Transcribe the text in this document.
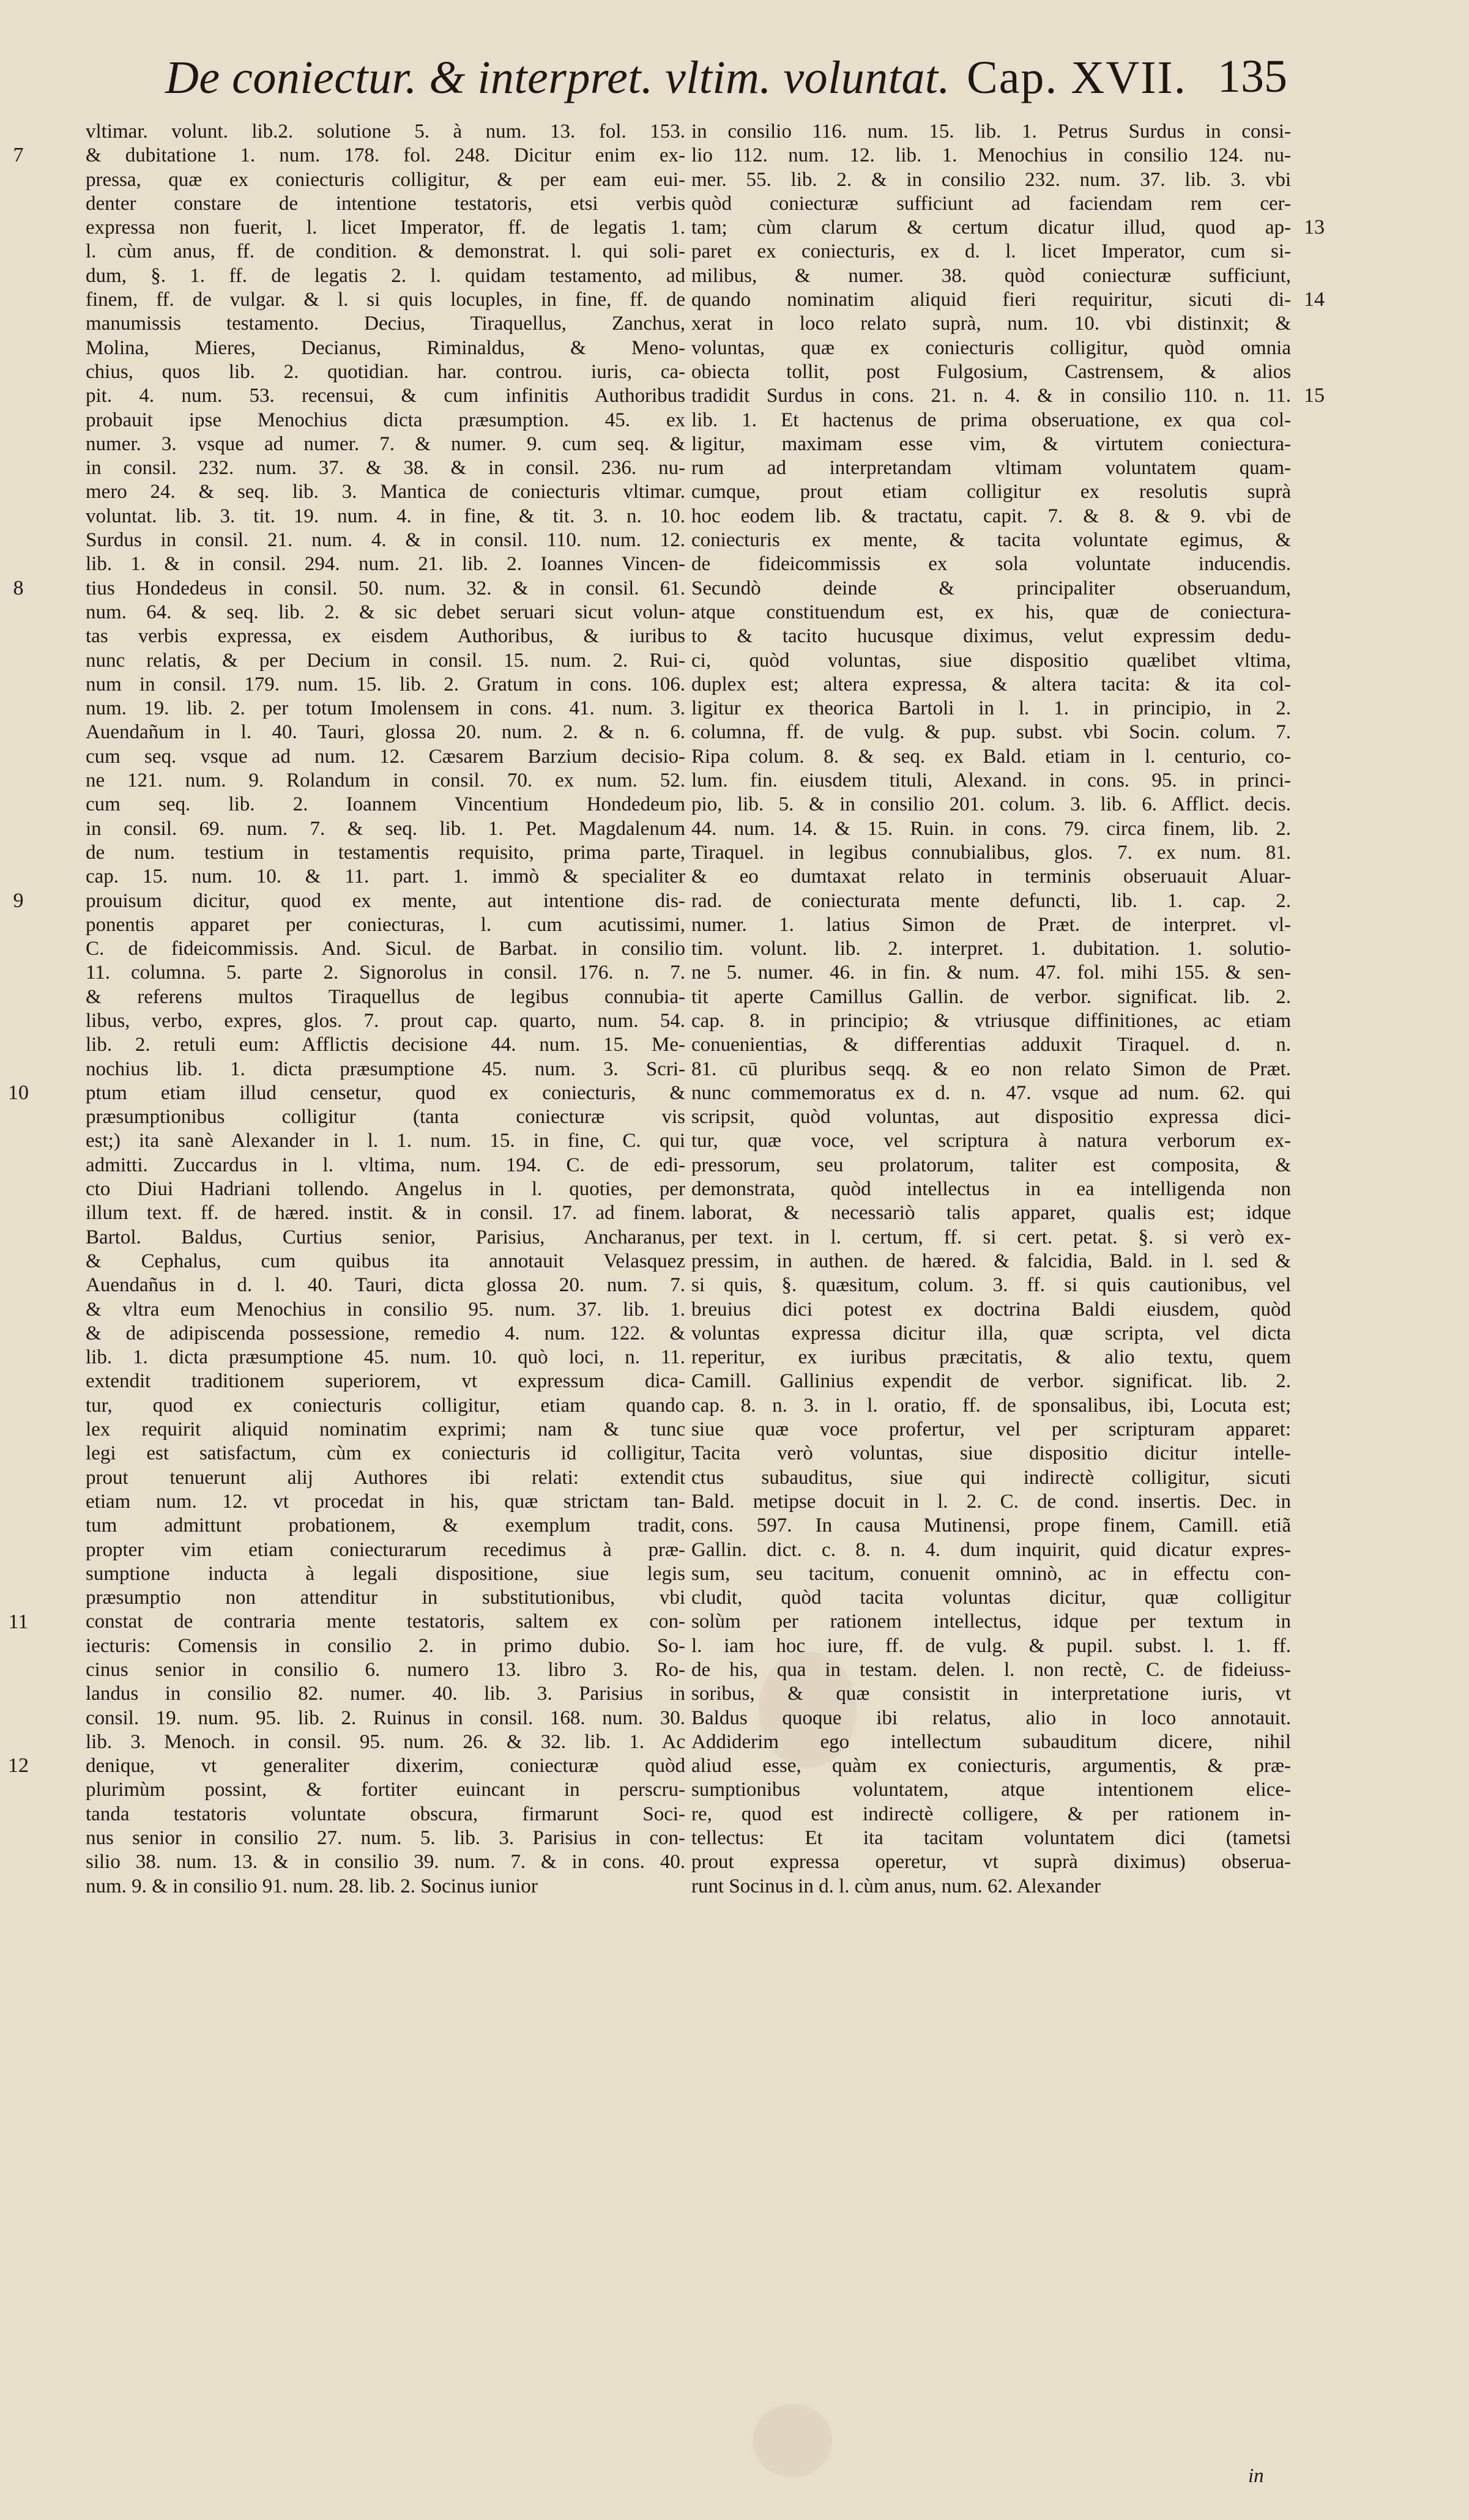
De coniectur. & interpret. vltim. voluntat. Cap. XVII. 135
vltimar. volunt. lib.2. solutione 5. à num. 13. fol. 153.
& dubitatione 1. num. 178. fol. 248. Dicitur enim ex-
pressa, quæ ex coniecturis colligitur, & per eam eui-
denter constare de intentione testatoris, etsi verbis
expressa non fuerit, l. licet Imperator, ff. de legatis 1.
l. cùm anus, ff. de condition. & demonstrat. l. qui soli-
dum, §. 1. ff. de legatis 2. l. quidam testamento, ad
finem, ff. de vulgar. & l. si quis locuples, in fine, ff. de
manumissis testamento. Decius, Tiraquellus, Zanchus,
Molina, Mieres, Decianus, Riminaldus, & Meno-
chius, quos lib. 2. quotidian. har. controu. iuris, ca-
pit. 4. num. 53. recensui, & cum infinitis Authoribus
probauit ipse Menochius dicta præsumption. 45. ex
numer. 3. vsque ad numer. 7. & numer. 9. cum seq. &
in consil. 232. num. 37. & 38. & in consil. 236. nu-
mero 24. & seq. lib. 3. Mantica de coniecturis vltimar.
voluntat. lib. 3. tit. 19. num. 4. in fine, & tit. 3. n. 10.
Surdus in consil. 21. num. 4. & in consil. 110. num. 12.
lib. 1. & in consil. 294. num. 21. lib. 2. Ioannes Vincen-
tius Hondedeus in consil. 50. num. 32. & in consil. 61.
num. 64. & seq. lib. 2. & sic debet seruari sicut volun-
tas verbis expressa, ex eisdem Authoribus, & iuribus
nunc relatis, & per Decium in consil. 15. num. 2. Rui-
num in consil. 179. num. 15. lib. 2. Gratum in cons. 106.
num. 19. lib. 2. per totum Imolensem in cons. 41. num. 3.
Auendañum in l. 40. Tauri, glossa 20. num. 2. & n. 6.
cum seq. vsque ad num. 12. Cæsarem Barzium decisio-
ne 121. num. 9. Rolandum in consil. 70. ex num. 52.
cum seq. lib. 2. Ioannem Vincentium Hondedeum
in consil. 69. num. 7. & seq. lib. 1. Pet. Magdalenum
de num. testium in testamentis requisito, prima parte,
cap. 15. num. 10. & 11. part. 1. immò & specialiter
prouisum dicitur, quod ex mente, aut intentione dis-
ponentis apparet per coniecturas, l. cum acutissimi,
C. de fideicommissis. And. Sicul. de Barbat. in consilio
11. columna. 5. parte 2. Signorolus in consil. 176. n. 7.
& referens multos Tiraquellus de legibus connubia-
libus, verbo, expres, glos. 7. prout cap. quarto, num. 54.
lib. 2. retuli eum: Afflictis decisione 44. num. 15. Me-
nochius lib. 1. dicta præsumptione 45. num. 3. Scri-
ptum etiam illud censetur, quod ex coniecturis, &
præsumptionibus colligitur (tanta coniecturæ vis
est;) ita sanè Alexander in l. 1. num. 15. in fine, C. qui
admitti. Zuccardus in l. vltima, num. 194. C. de edi-
cto Diui Hadriani tollendo. Angelus in l. quoties, per
illum text. ff. de hæred. instit. & in consil. 17. ad finem.
Bartol. Baldus, Curtius senior, Parisius, Ancharanus,
& Cephalus, cum quibus ita annotauit Velasquez
Auendañus in d. l. 40. Tauri, dicta glossa 20. num. 7.
& vltra eum Menochius in consilio 95. num. 37. lib. 1.
& de adipiscenda possessione, remedio 4. num. 122. &
lib. 1. dicta præsumptione 45. num. 10. quò loci, n. 11.
extendit traditionem superiorem, vt expressum dica-
tur, quod ex coniecturis colligitur, etiam quando
lex requirit aliquid nominatim exprimi; nam & tunc
legi est satisfactum, cùm ex coniecturis id colligitur,
prout tenuerunt alij Authores ibi relati: extendit
etiam num. 12. vt procedat in his, quæ strictam tan-
tum admittunt probationem, & exemplum tradit,
propter vim etiam coniecturarum recedimus à præ-
sumptione inducta à legali dispositione, siue legis
præsumptio non attenditur in substitutionibus, vbi
constat de contraria mente testatoris, saltem ex con-
iecturis: Comensis in consilio 2. in primo dubio. So-
cinus senior in consilio 6. numero 13. libro 3. Ro-
landus in consilio 82. numer. 40. lib. 3. Parisius in
consil. 19. num. 95. lib. 2. Ruinus in consil. 168. num. 30.
lib. 3. Menoch. in consil. 95. num. 26. & 32. lib. 1. Ac
denique, vt generaliter dixerim, coniecturæ quòd
plurimùm possint, & fortiter euincant in perscru-
tanda testatoris voluntate obscura, firmarunt Soci-
nus senior in consilio 27. num. 5. lib. 3. Parisius in con-
silio 38. num. 13. & in consilio 39. num. 7. & in cons. 40.
num. 9. & in consilio 91. num. 28. lib. 2. Socinus iunior
7
8
9
10
11
12
in consilio 116. num. 15. lib. 1. Petrus Surdus in consi-
lio 112. num. 12. lib. 1. Menochius in consilio 124. nu-
mer. 55. lib. 2. & in consilio 232. num. 37. lib. 3. vbi
quòd coniecturæ sufficiunt ad faciendam rem cer-
tam; cùm clarum & certum dicatur illud, quod ap-
paret ex coniecturis, ex d. l. licet Imperator, cum si-
milibus, & numer. 38. quòd coniecturæ sufficiunt,
quando nominatim aliquid fieri requiritur, sicuti di-
xerat in loco relato suprà, num. 10. vbi distinxit; &
voluntas, quæ ex coniecturis colligitur, quòd omnia
obiecta tollit, post Fulgosium, Castrensem, & alios
tradidit Surdus in cons. 21. n. 4. & in consilio 110. n. 11.
lib. 1. Et hactenus de prima obseruatione, ex qua col-
ligitur, maximam esse vim, & virtutem coniectura-
rum ad interpretandam vltimam voluntatem quam-
cumque, prout etiam colligitur ex resolutis suprà
hoc eodem lib. & tractatu, capit. 7. & 8. & 9. vbi de
coniecturis ex mente, & tacita voluntate egimus, &
de fideicommissis ex sola voluntate inducendis.
Secundò deinde & principaliter obseruandum,
atque constituendum est, ex his, quæ de coniectura-
to & tacito hucusque diximus, velut expressim dedu-
ci, quòd voluntas, siue dispositio quælibet vltima,
duplex est; altera expressa, & altera tacita: & ita col-
ligitur ex theorica Bartoli in l. 1. in principio, in 2.
columna, ff. de vulg. & pup. subst. vbi Socin. colum. 7.
Ripa colum. 8. & seq. ex Bald. etiam in l. centurio, co-
lum. fin. eiusdem tituli, Alexand. in cons. 95. in princi-
pio, lib. 5. & in consilio 201. colum. 3. lib. 6. Afflict. decis.
44. num. 14. & 15. Ruin. in cons. 79. circa finem, lib. 2.
Tiraquel. in legibus connubialibus, glos. 7. ex num. 81.
& eo dumtaxat relato in terminis obseruauit Aluar-
rad. de coniecturata mente defuncti, lib. 1. cap. 2.
numer. 1. latius Simon de Præt. de interpret. vl-
tim. volunt. lib. 2. interpret. 1. dubitation. 1. solutio-
ne 5. numer. 46. in fin. & num. 47. fol. mihi 155. & sen-
tit aperte Camillus Gallin. de verbor. significat. lib. 2.
cap. 8. in principio; & vtriusque diffinitiones, ac etiam
conuenientias, & differentias adduxit Tiraquel. d. n.
81. cū pluribus seqq. & eo non relato Simon de Præt.
nunc commemoratus ex d. n. 47. vsque ad num. 62. qui
scripsit, quòd voluntas, aut dispositio expressa dici-
tur, quæ voce, vel scriptura à natura verborum ex-
pressorum, seu prolatorum, taliter est composita, &
demonstrata, quòd intellectus in ea intelligenda non
laborat, & necessariò talis apparet, qualis est; idque
per text. in l. certum, ff. si cert. petat. §. si verò ex-
pressim, in authen. de hæred. & falcidia, Bald. in l. sed &
si quis, §. quæsitum, colum. 3. ff. si quis cautionibus, vel
breuius dici potest ex doctrina Baldi eiusdem, quòd
voluntas expressa dicitur illa, quæ scripta, vel dicta
reperitur, ex iuribus præcitatis, & alio textu, quem
Camill. Gallinius expendit de verbor. significat. lib. 2.
cap. 8. n. 3. in l. oratio, ff. de sponsalibus, ibi, Locuta est;
siue quæ voce profertur, vel per scripturam apparet:
Tacita verò voluntas, siue dispositio dicitur intelle-
ctus subauditus, siue qui indirectè colligitur, sicuti
Bald. metipse docuit in l. 2. C. de cond. insertis. Dec. in
cons. 597. In causa Mutinensi, prope finem, Camill. etiã
Gallin. dict. c. 8. n. 4. dum inquirit, quid dicatur expres-
sum, seu tacitum, conuenit omninò, ac in effectu con-
cludit, quòd tacita voluntas dicitur, quæ colligitur
solùm per rationem intellectus, idque per textum in
l. iam hoc iure, ff. de vulg. & pupil. subst. l. 1. ff.
de his, qua in testam. delen. l. non rectè, C. de fideiuss-
soribus, & quæ consistit in interpretatione iuris, vt
Baldus quoque ibi relatus, alio in loco annotauit.
Addiderim ego intellectum subauditum dicere, nihil
aliud esse, quàm ex coniecturis, argumentis, & præ-
sumptionibus voluntatem, atque intentionem elice-
re, quod est indirectè colligere, & per rationem in-
tellectus: Et ita tacitam voluntatem dici (tametsi
prout expressa operetur, vt suprà diximus) obserua-
runt Socinus in d. l. cùm anus, num. 62. Alexander
13
14
15
in
